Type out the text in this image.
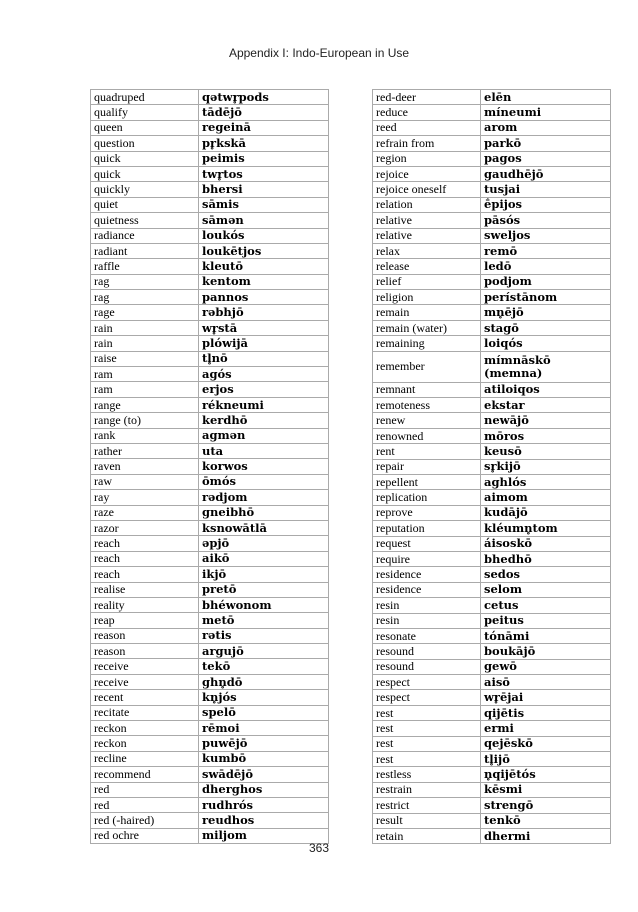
Appendix I: Indo-European in Use
quadruped	qətwr̥pods
qualify	tādējō
queen	regeinā
question	pr̥kskā
quick	peimis
quick	twr̥tos
quickly	bhersi
quiet	sāmis
quietness	sāmən
radiance	loukós
radiant	loukētjos
raffle	kleutō
rag	kentom
rag	pannos
rage	rəbhjō
rain	wr̥stā
rain	plówijā
raise	tl̥nō
ram	agós
ram	erjos
range	rékneumi
range (to)	kerdhō
rank	agmən
rather	uta
raven	korwos
raw	ōmós
ray	rədjom
raze	gneibhō
razor	ksnowātlā
reach	əpjō
reach	aikō
reach	ikjō
realise	pretō
reality	bhéwonom
reap	metō
reason	rətis
reason	argujō
receive	tekō
receive	ghn̥dō
recent	kn̥jós
recitate	spelō
reckon	rēmoi
reckon	puwējō
recline	kumbō
recommend	swādējō
red	dherghos
red	rudhrós
red (-haired)	reudhos
red ochre	miljom
red-deer	elēn
reduce	míneumi
reed	arom
refrain from	parkō
region	pagos
rejoice	gaudhējō
rejoice oneself	tusjai
relation	ḗpijos
relative	pāsós
relative	sweljos
relax	remō
release	ledō
relief	podjom
religion	perístānom
remain	mn̥ējō
remain (water)	stagō
remaining	loiqós
remember	mímnāskō
(memna)

remnant	atiloiqos
remoteness	ekstar
renew	newājō
renowned	mōros
rent	keusō
repair	sr̥kijō
repellent	aghlós
replication	aimom
reprove	kudājō
reputation	kléumn̥tom
request	áisoskō
require	bhedhō
residence	sedos
residence	selom
resin	cetus
resin	peitus
resonate	tónāmi
resound	boukājō
resound	gewō
respect	aisō
respect	wr̥ējai
rest	qijētis
rest	ermi
rest	qejēskō
rest	tl̥ijō
restless	n̥qijētós
restrain	kēsmi
restrict	strengō
result	tenkō
retain	dhermi
363
